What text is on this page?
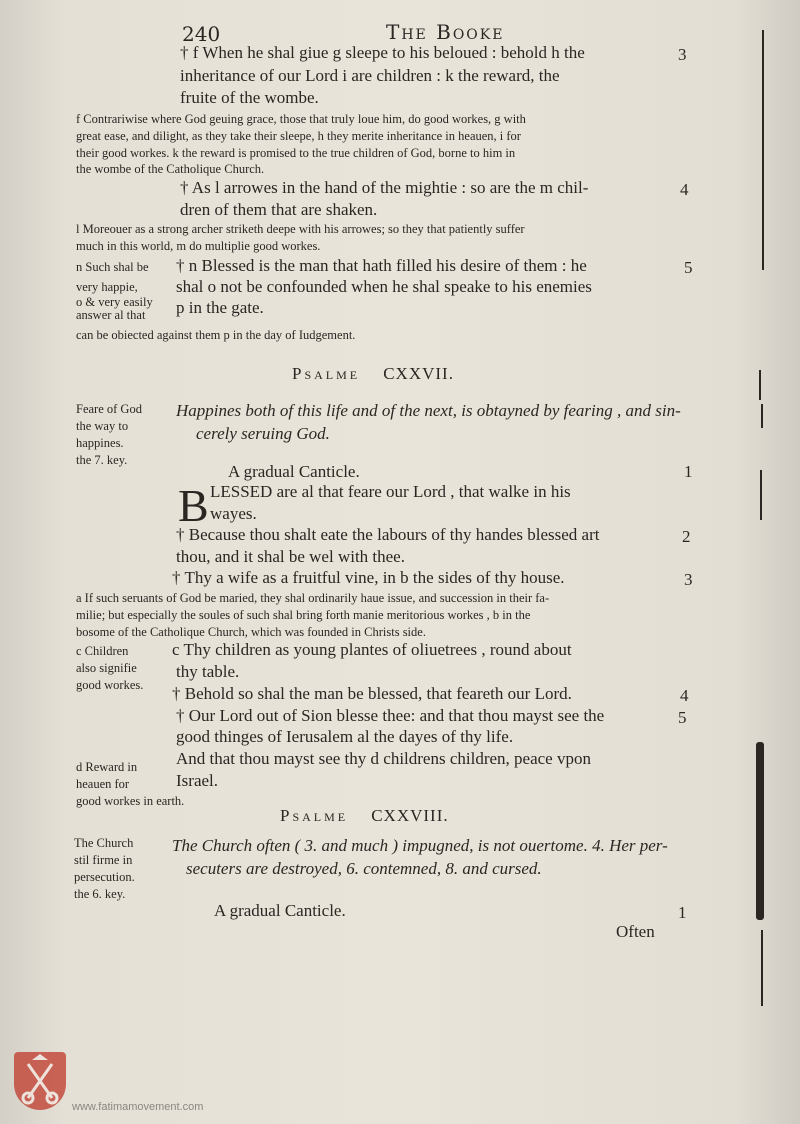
240	The Booke
† f When he shal giue g sleepe to his beloued : behold h the
inheritance of our Lord i are children : k the reward, the
fruite of the wombe.
f Contrariwise where God geuing grace, those that truly loue him, do good workes, g with
great ease, and dilight, as they take their sleepe, h they merite inheritance in heauen, i for
their good workes. k the reward is promised to the true children of God, borne to him in
the wombe of the Catholique Church.
† As l arrowes in the hand of the mightie : so are the m chil-
dren of them that are shaken.
l Moreouer as a strong archer striketh deepe with his arrowes; so they that patiently suffer
much in this world, m do multiplie good workes.
n Such shal be † n Blessed is the man that hath filled his desire of them : he
very happie, shal o not be confounded when he shal speake to his enemies
o & very easily
answer al that p in the gate.
can be obiected against them p in the day of Iudgement.
Feare of God
the way to
happines.
the 7. key.
Happines both of this life and of the next, is obtayned by fearing , and sin-
cerely seruing God.
A gradual Canticle.
LESSED are al that feare our Lord , that walke in his
wayes.
† Because thou shalt eate the labours of thy handes blessed art
thou, and it shal be wel with thee.
† Thy a wife as a fruitful vine, in b the sides of thy house.
a If such seruants of God be maried, they shal ordinarily haue issue, and succession in their fa-
milie; but especially the soules of such shal bring forth manie meritorious workes , b in the
bosome of the Catholique Church, which was founded in Christs side.
c Children
also signifie
good workes.
c Thy children as young plantes of oliuetrees , round about
thy table.
† Behold so shal the man be blessed, that feareth our Lord.
† Our Lord out of Sion blesse thee: and that thou mayst see the
good thinges of Ierusalem al the dayes of thy life.
d Reward in
heauen for
good workes in earth.
And that thou mayst see thy d childrens children, peace vpon
Israel.
The Church
stil firme in
persecution.
the 6. key.
The Church often ( 3. and much ) impugned, is not ouertome. 4. Her per-
secuters are destroyed, 6. contemned, 8. and cursed.
A gradual Canticle.
Often
3
4
5
1
2
3
4
5
1
Psalme CXXVII.
Psalme CXXVIII.
B
www.fatimamovement.com
